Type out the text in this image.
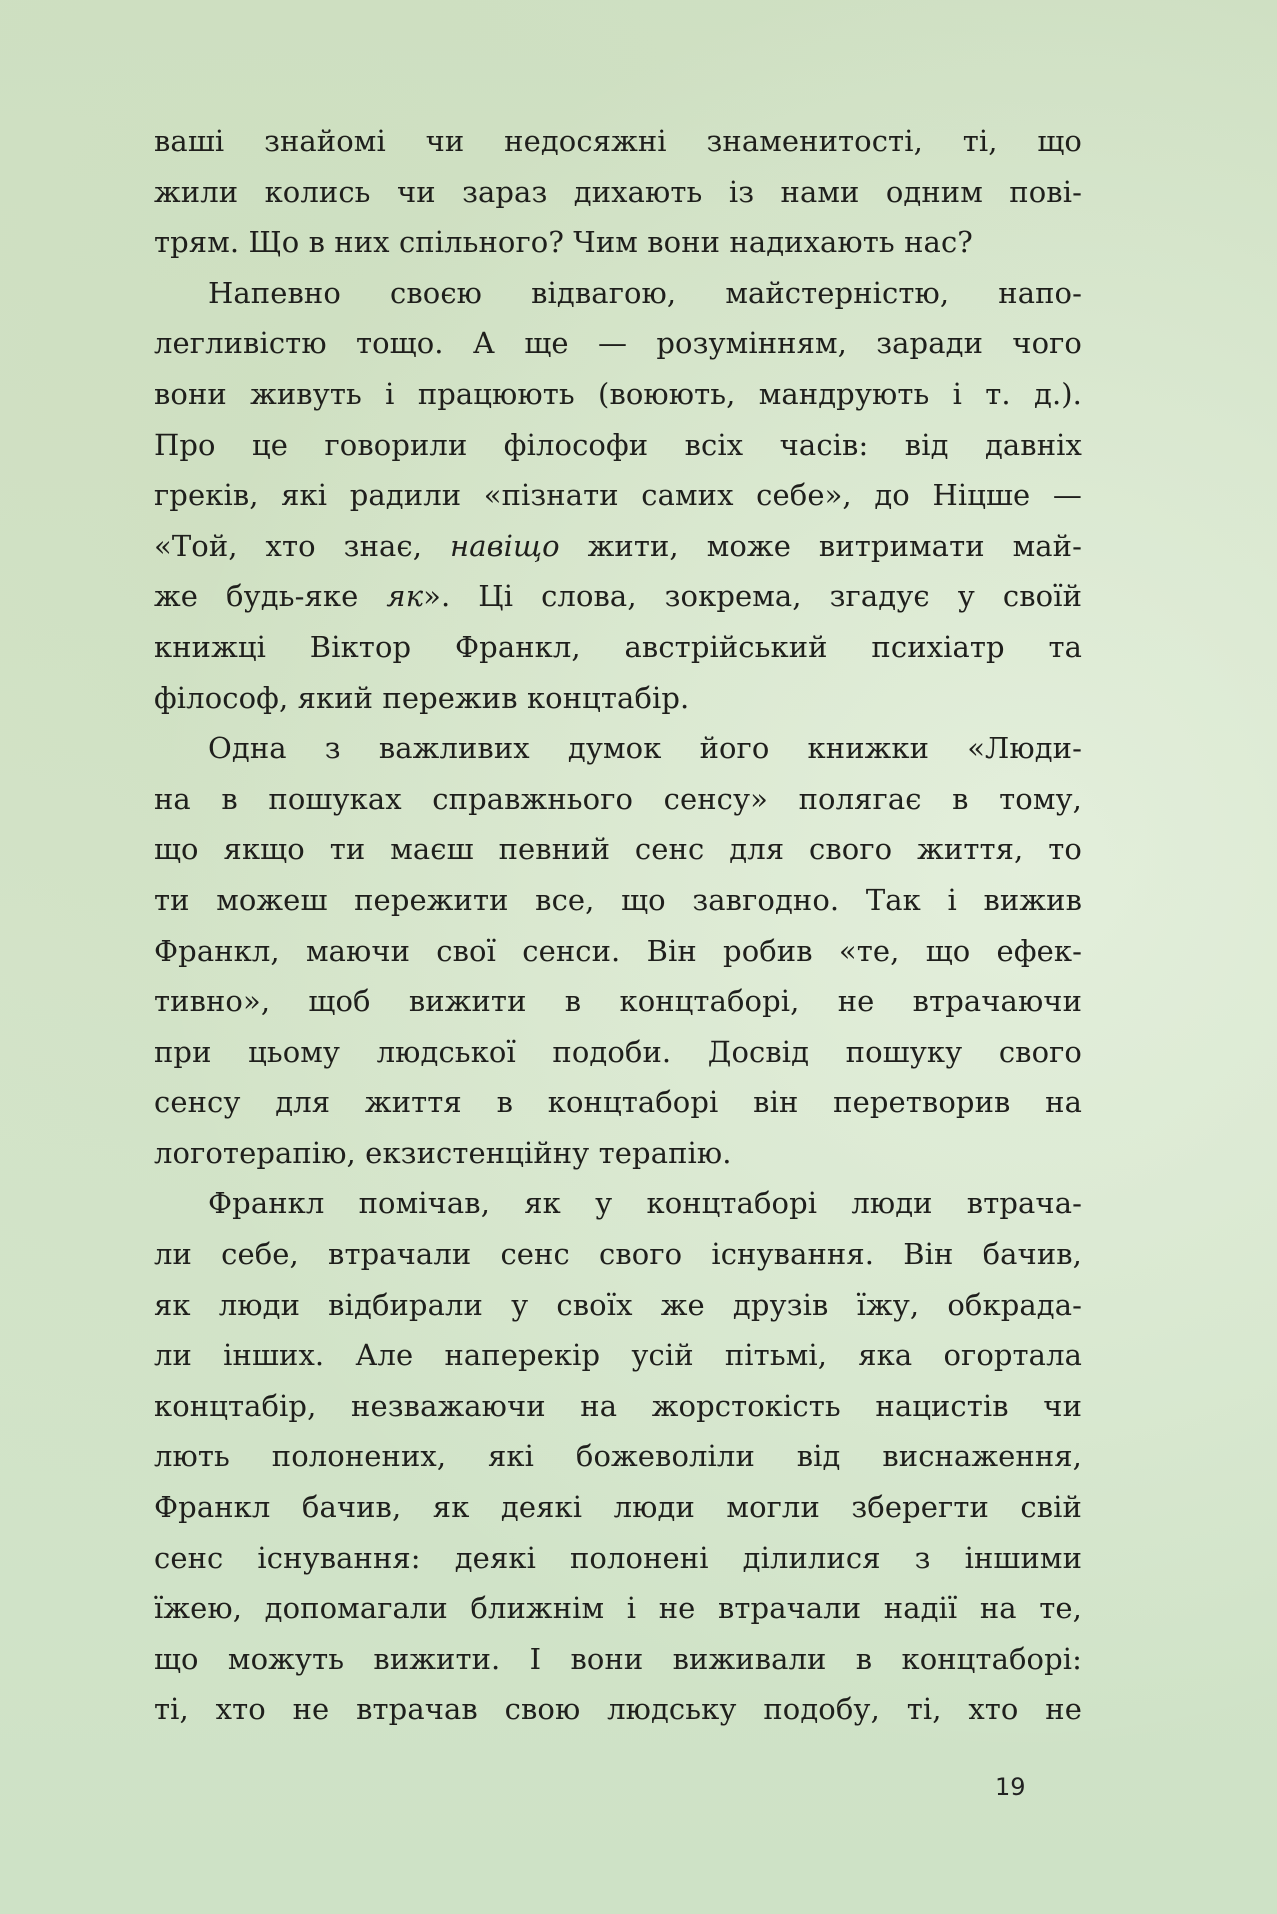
ваші знайомі чи недосяжні знаменитості, ті, що
жили колись чи зараз дихають із нами одним пові-
трям. Що в них спільного? Чим вони надихають нас?
Напевно своєю відвагою, майстерністю, напо-
легливістю тощо. А ще — розумінням, заради чого
вони живуть і працюють (воюють, мандрують і т. д.).
Про це говорили філософи всіх часів: від давніх
греків, які радили «пізнати самих себе», до Ніцше —
«Той, хто знає, навіщо жити, може витримати май-
же будь-яке як». Ці слова, зокрема, згадує у своїй
книжці Віктор Франкл, австрійський психіатр та
філософ, який пережив концтабір.
Одна з важливих думок його книжки «Люди-
на в пошуках справжнього сенсу» полягає в тому,
що якщо ти маєш певний сенс для свого життя, то
ти можеш пережити все, що завгодно. Так і вижив
Франкл, маючи свої сенси. Він робив «те, що ефек-
тивно», щоб вижити в концтаборі, не втрачаючи
при цьому людської подоби. Досвід пошуку свого
сенсу для життя в концтаборі він перетворив на
логотерапію, екзистенційну терапію.
Франкл помічав, як у концтаборі люди втрача-
ли себе, втрачали сенс свого існування. Він бачив,
як люди відбирали у своїх же друзів їжу, обкрада-
ли інших. Але наперекір усій пітьмі, яка огортала
концтабір, незважаючи на жорстокість нацистів чи
лють полонених, які божеволіли від виснаження,
Франкл бачив, як деякі люди могли зберегти свій
сенс існування: деякі полонені ділилися з іншими
їжею, допомагали ближнім і не втрачали надії на те,
що можуть вижити. І вони виживали в концтаборі:
ті, хто не втрачав свою людську подобу, ті, хто не
19
